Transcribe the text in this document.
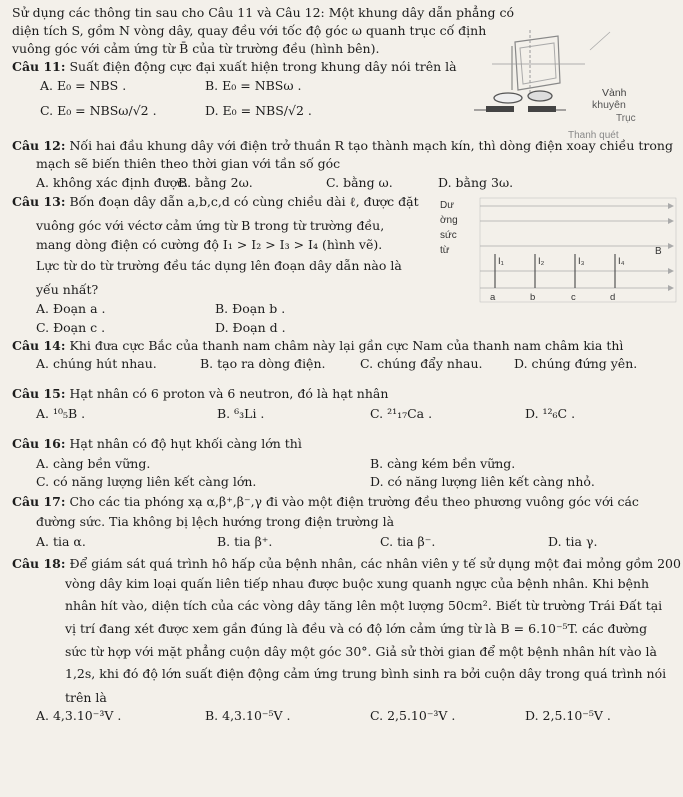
Sử dụng các thông tin sau cho Câu 11 và Câu 12: Một khung dây dẫn phẳng có
diện tích S, gồm N vòng dây, quay đều với tốc độ góc ω quanh trục cố định
vuông góc với cảm ứng từ B̄ của từ trường đều (hình bên).
Câu 11: Suất điện động cực đại xuất hiện trong khung dây nói trên là
A. E₀ = NBS .	B. E₀ = NBSω .
C. E₀ = NBSω/√2 .	D. E₀ = NBS/√2 .
Vành
khuyên
Trục
Thanh quét
Câu 12: Nối hai đầu khung dây với điện trở thuần R tạo thành mạch kín, thì dòng điện xoay chiều trong
mạch sẽ biến thiên theo thời gian với tần số góc
A. không xác định được.
B. bằng 2ω.	C. bằng ω.	D. bằng 3ω.
Câu 13: Bốn đoạn dây dẫn a,b,c,d có cùng chiều dài ℓ, được đặt
vuông góc với véctơ cảm ứng từ B trong từ trường đều,
mang dòng điện có cường độ I₁ > I₂ > I₃ > I₄ (hình vẽ).
Lực từ do từ trường đều tác dụng lên đoạn dây dẫn nào là
yếu nhất?
A. Đoạn a .	B. Đoạn b .
C. Đoạn c .	D. Đoạn d .
Dư
ờng
sức
từ
I₁	I₂	I₃	I₄
B
a	b	c	d
Câu 14: Khi đưa cực Bắc của thanh nam châm này lại gần cực Nam của thanh nam châm kia thì
A. chúng hút nhau.	B. tạo ra dòng điện.	C. chúng đẩy nhau.	D. chúng đứng yên.
Câu 15: Hạt nhân có 6 proton và 6 neutron, đó là hạt nhân
A. ¹⁰₅B .	B. ⁶₃Li .	C. ²¹₁₇Ca .	D. ¹²₆C .
Câu 16: Hạt nhân có độ hụt khối càng lớn thì
A. càng bền vững.	B. càng kém bền vững.
C. có năng lượng liên kết càng lớn.	D. có năng lượng liên kết càng nhỏ.
Câu 17: Cho các tia phóng xạ α,β⁺,β⁻,γ đi vào một điện trường đều theo phương vuông góc với các
đường sức. Tia không bị lệch hướng trong điện trường là
A. tia α.	B. tia β⁺.	C. tia β⁻.	D. tia γ.
Câu 18: Để giám sát quá trình hô hấp của bệnh nhân, các nhân viên y tế sử dụng một đai mỏng gồm 200
vòng dây kim loại quấn liên tiếp nhau được buộc xung quanh ngực của bệnh nhân. Khi bệnh
nhân hít vào, diện tích của các vòng dây tăng lên một lượng 50cm². Biết từ trường Trái Đất tại
vị trí đang xét được xem gần đúng là đều và có độ lớn cảm ứng từ là B = 6.10⁻⁵T. các đường
sức từ hợp với mặt phẳng cuộn dây một góc 30°. Giả sử thời gian để một bệnh nhân hít vào là
1,2s, khi đó độ lớn suất điện động cảm ứng trung bình sinh ra bởi cuộn dây trong quá trình nói
trên là
A. 4,3.10⁻³V .	B. 4,3.10⁻⁵V .	C. 2,5.10⁻³V .	D. 2,5.10⁻⁵V .
